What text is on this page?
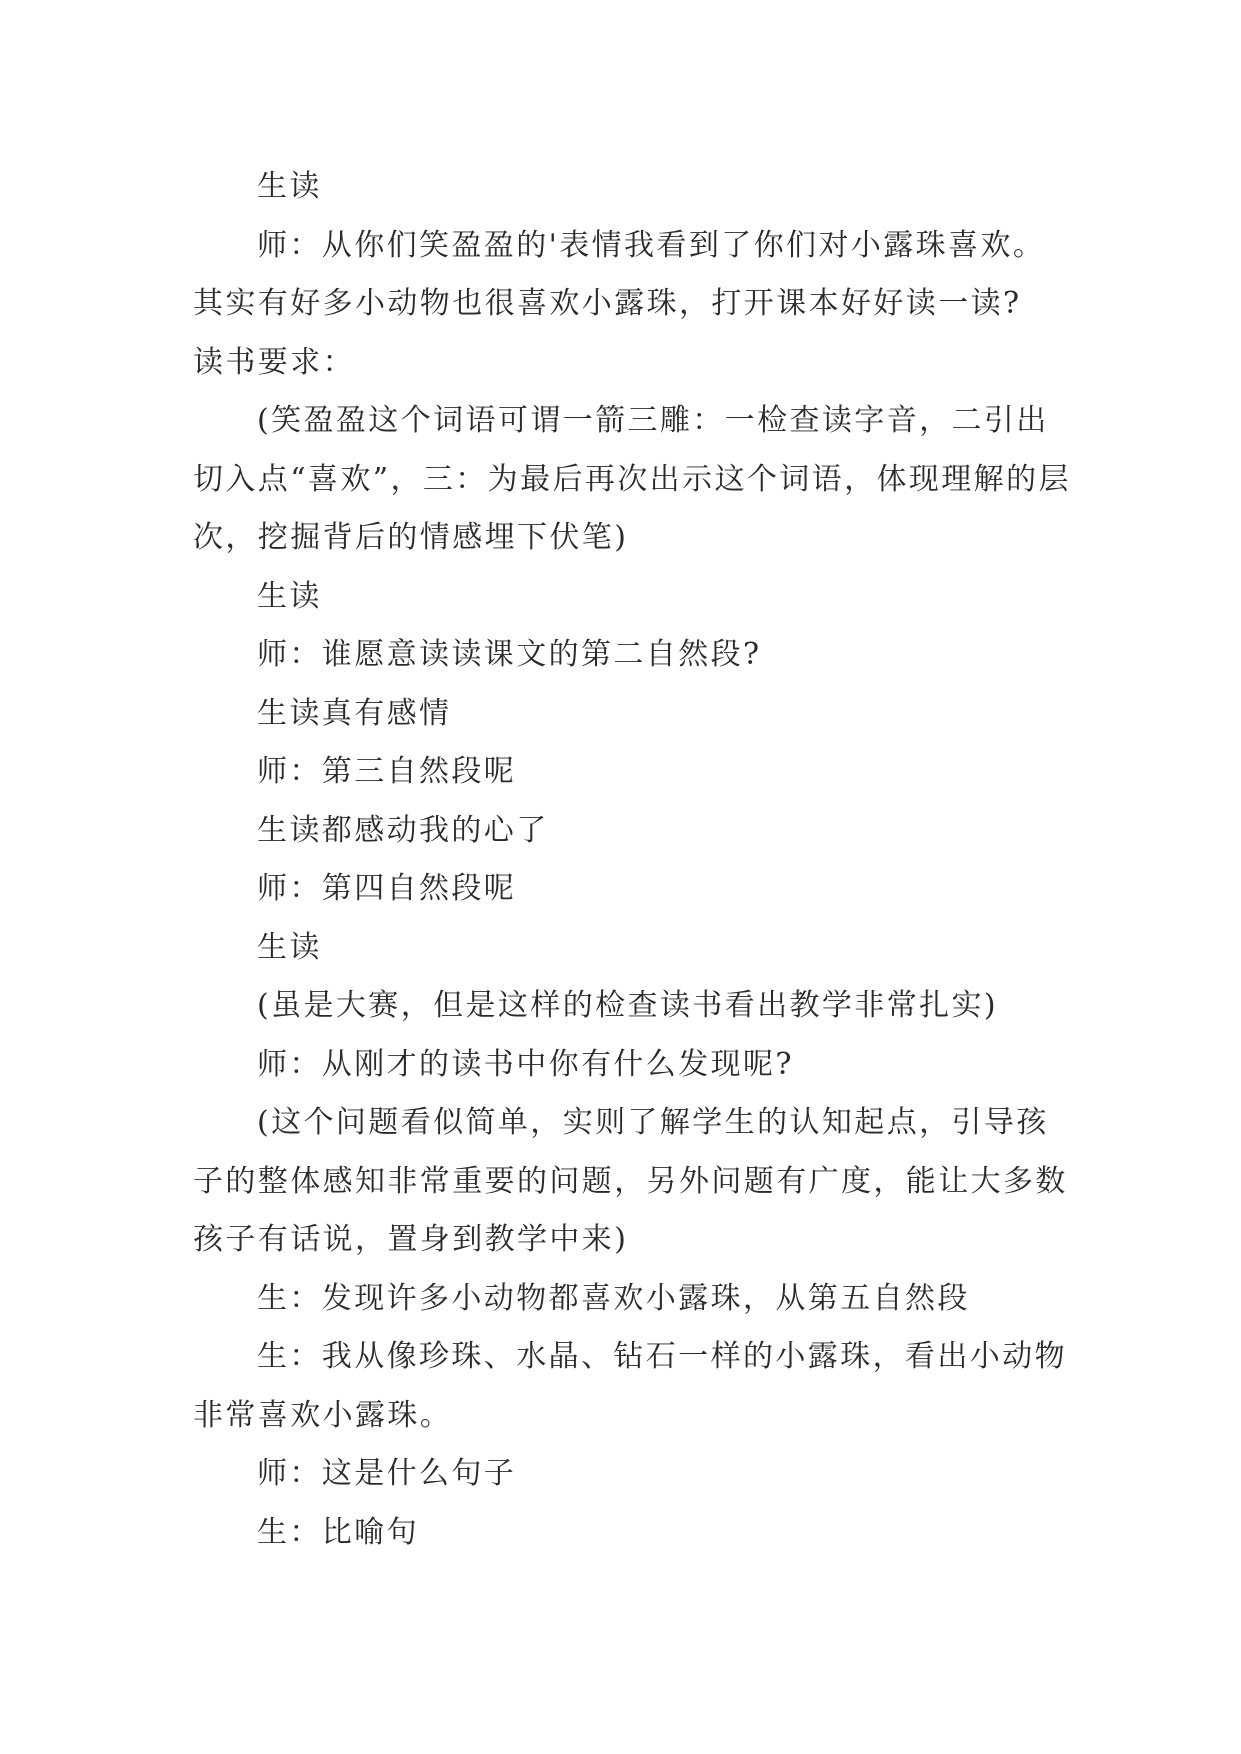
生读

师：从你们笑盈盈的'表情我看到了你们对小露珠喜欢。

其实有好多小动物也很喜欢小露珠，打开课本好好读一读?

读书要求：

(笑盈盈这个词语可谓一箭三雕：一检查读字音，二引出切入点“喜欢”，三：为最后再次出示这个词语，体现理解的层次，挖掘背后的情感埋下伏笔)

生读

师：谁愿意读读课文的第二自然段?

生读真有感情

师：第三自然段呢

生读都感动我的心了

师：第四自然段呢

生读

(虽是大赛，但是这样的检查读书看出教学非常扎实)

师：从刚才的读书中你有什么发现呢?

(这个问题看似简单，实则了解学生的认知起点，引导孩子的整体感知非常重要的问题，另外问题有广度，能让大多数孩子有话说，置身到教学中来)

生：发现许多小动物都喜欢小露珠，从第五自然段

生：我从像珍珠、水晶、钻石一样的小露珠，看出小动物非常喜欢小露珠。

师：这是什么句子

生：比喻句
